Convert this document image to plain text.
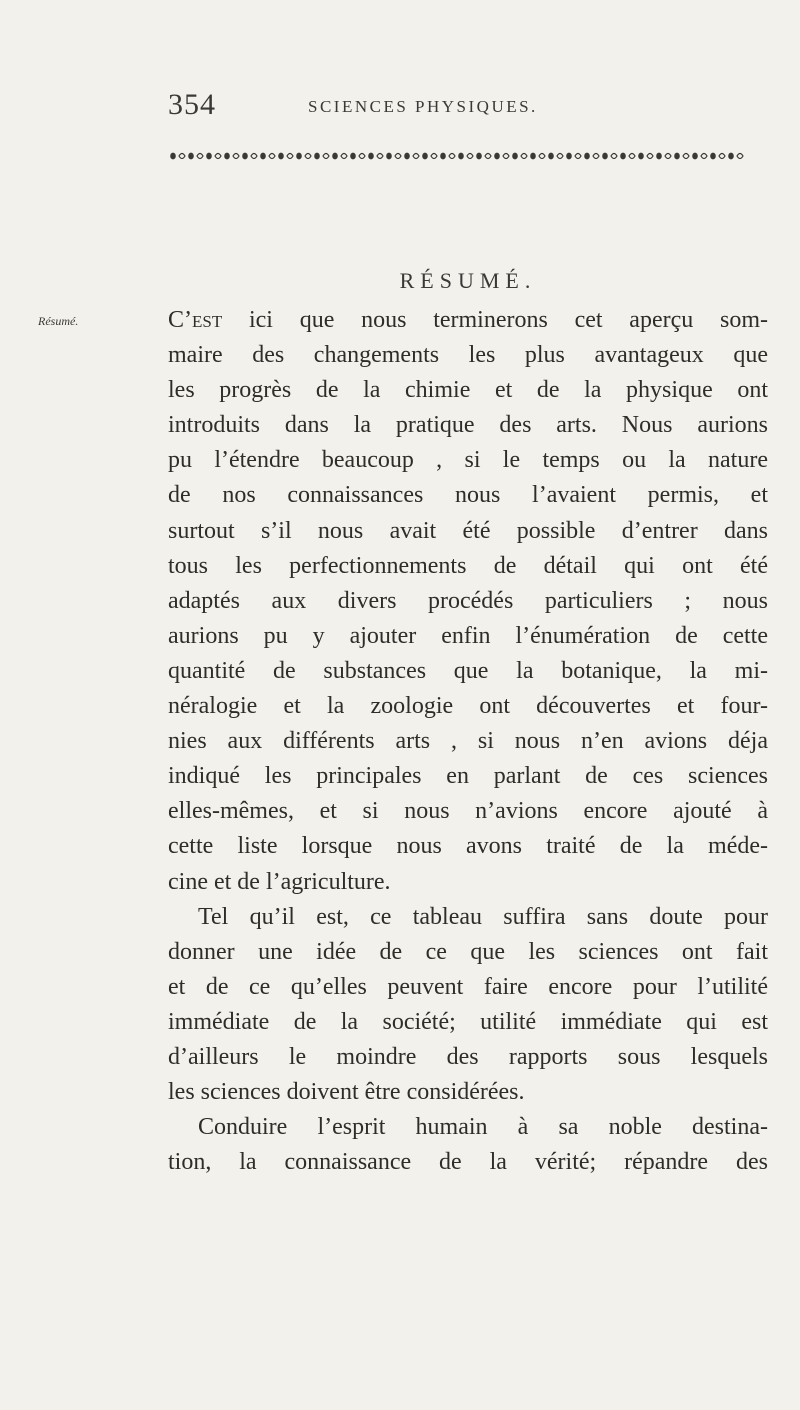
354	SCIENCES PHYSIQUES.
RÉSUMÉ.
Résumé.	C’est ici que nous terminerons cet aperçu som-
maire des changements les plus avantageux que
les progrès de la chimie et de la physique ont
introduits dans la pratique des arts. Nous aurions
pu l’étendre beaucoup , si le temps ou la nature
de nos connaissances nous l’avaient permis, et
surtout s’il nous avait été possible d’entrer dans
tous les perfectionnements de détail qui ont été
adaptés aux divers procédés particuliers ; nous
aurions pu y ajouter enfin l’énumération de cette
quantité de substances que la botanique, la mi-
néralogie et la zoologie ont découvertes et four-
nies aux différents arts , si nous n’en avions déja
indiqué les principales en parlant de ces sciences
elles-mêmes, et si nous n’avions encore ajouté à
cette liste lorsque nous avons traité de la méde-
cine et de l’agriculture.
Tel qu’il est, ce tableau suffira sans doute pour
donner une idée de ce que les sciences ont fait
et de ce qu’elles peuvent faire encore pour l’utilité
immédiate de la société; utilité immédiate qui est
d’ailleurs le moindre des rapports sous lesquels
les sciences doivent être considérées.
Conduire l’esprit humain à sa noble destina-
tion, la connaissance de la vérité; répandre des
